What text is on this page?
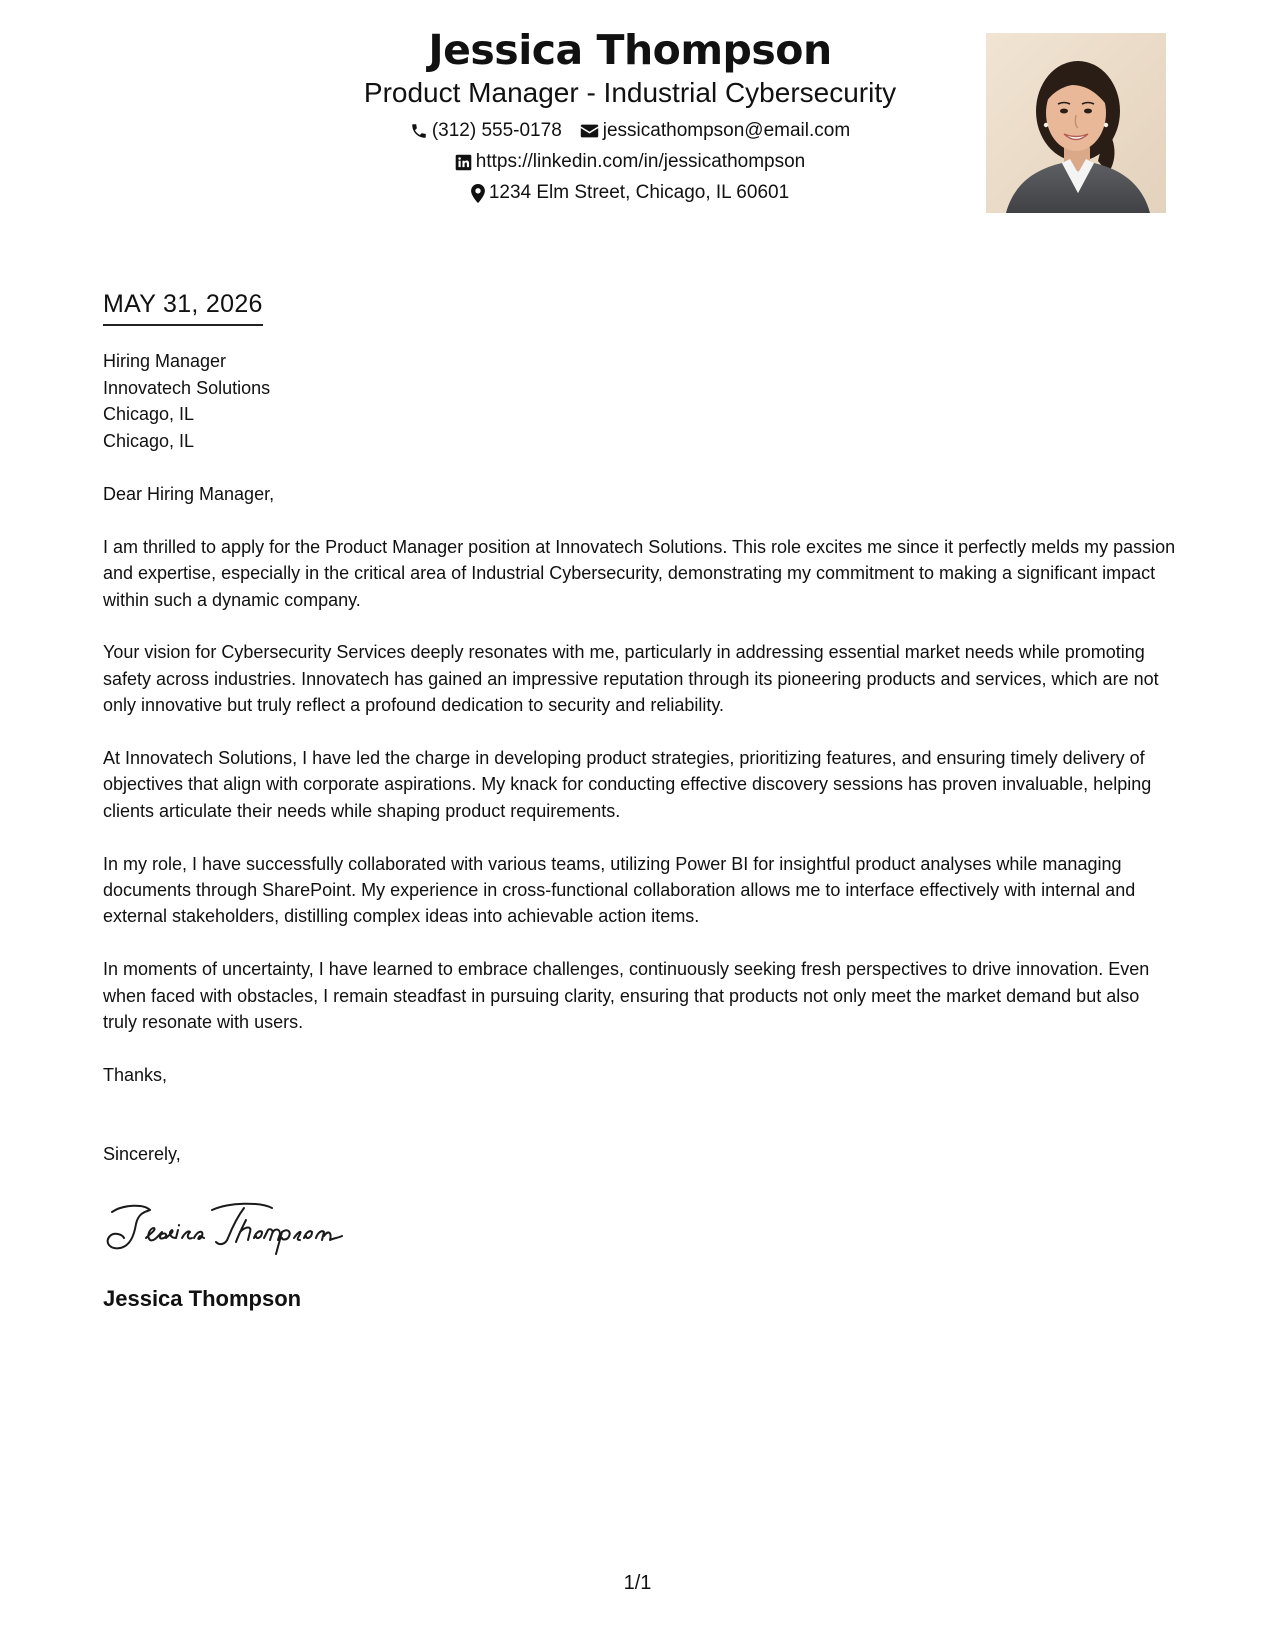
Jessica Thompson
Product Manager - Industrial Cybersecurity
(312) 555-0178 jessicathompson@email.com
https://linkedin.com/in/jessicathompson
1234 Elm Street, Chicago, IL 60601
MAY 31, 2026
Hiring Manager
Innovatech Solutions
Chicago, IL
Chicago, IL

Dear Hiring Manager,

I am thrilled to apply for the Product Manager position at Innovatech Solutions. This role excites me since it perfectly melds my passion and expertise, especially in the critical area of Industrial Cybersecurity, demonstrating my commitment to making a significant impact within such a dynamic company.

Your vision for Cybersecurity Services deeply resonates with me, particularly in addressing essential market needs while promoting safety across industries. Innovatech has gained an impressive reputation through its pioneering products and services, which are not only innovative but truly reflect a profound dedication to security and reliability.

At Innovatech Solutions, I have led the charge in developing product strategies, prioritizing features, and ensuring timely delivery of objectives that align with corporate aspirations. My knack for conducting effective discovery sessions has proven invaluable, helping clients articulate their needs while shaping product requirements.

In my role, I have successfully collaborated with various teams, utilizing Power BI for insightful product analyses while managing documents through SharePoint. My experience in cross-functional collaboration allows me to interface effectively with internal and external stakeholders, distilling complex ideas into achievable action items.

In moments of uncertainty, I have learned to embrace challenges, continuously seeking fresh perspectives to drive innovation. Even when faced with obstacles, I remain steadfast in pursuing clarity, ensuring that products not only meet the market demand but also truly resonate with users.

Thanks,

Sincerely,
Jessica Thompson
1/1
